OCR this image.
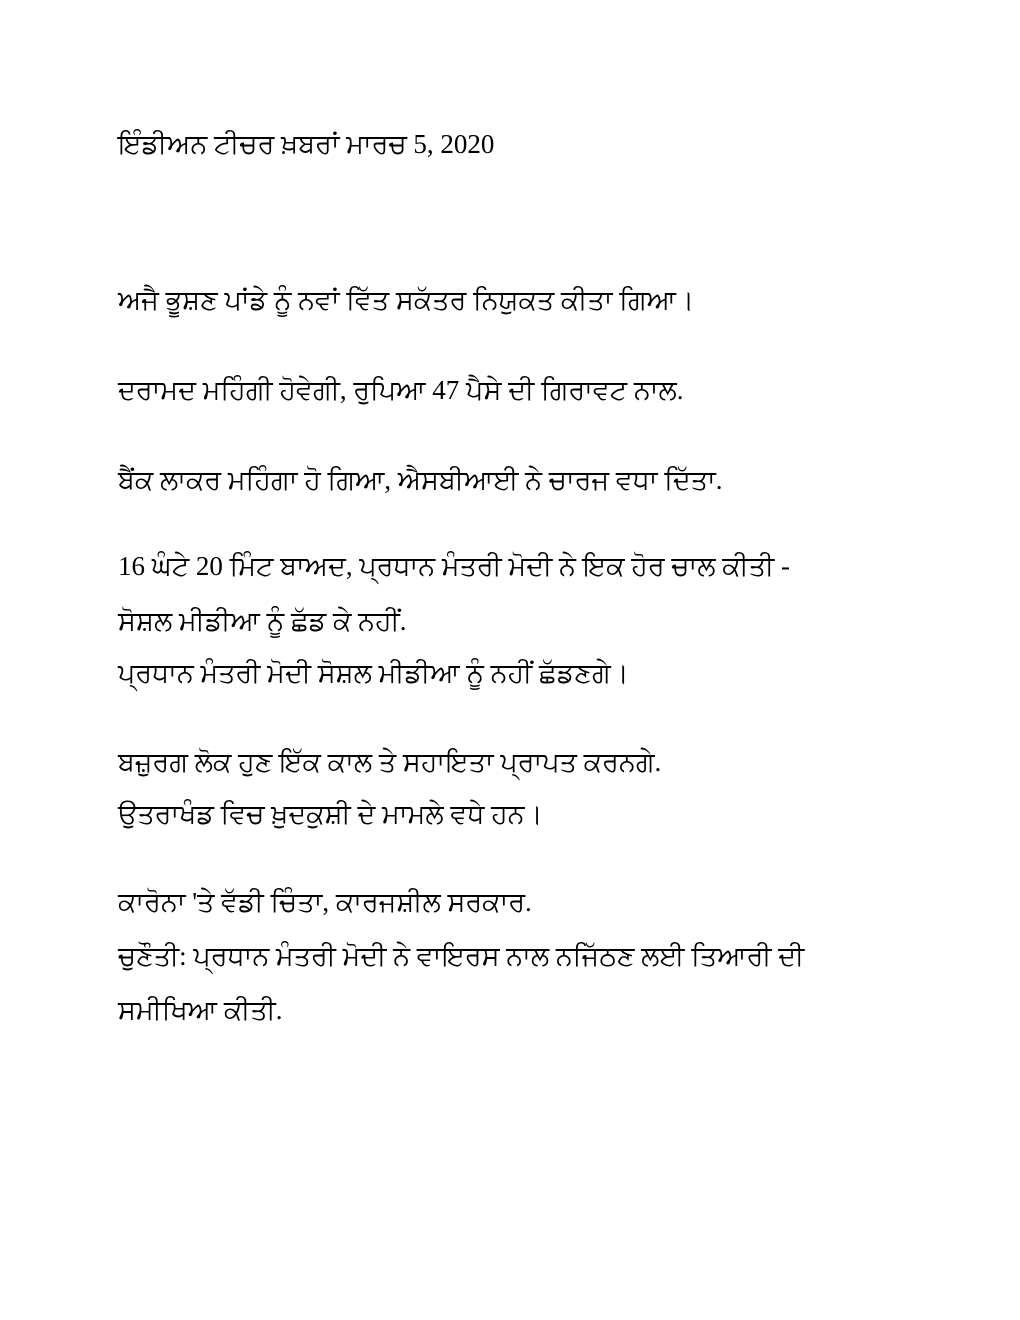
ਇੰਡੀਅਨ ਟੀਚਰ ਖ਼ਬਰਾਂ ਮਾਰਚ 5, 2020
ਅਜੈ ਭੂਸ਼ਣ ਪਾਂਡੇ ਨੂੰ ਨਵਾਂ ਵਿੱਤ ਸਕੱਤਰ ਨਿਯੁਕਤ ਕੀਤਾ ਗਿਆ।
ਦਰਾਮਦ ਮਹਿੰਗੀ ਹੋਵੇਗੀ, ਰੁਪਿਆ 47 ਪੈਸੇ ਦੀ ਗਿਰਾਵਟ ਨਾਲ.
ਬੈਂਕ ਲਾਕਰ ਮਹਿੰਗਾ ਹੋ ਗਿਆ, ਐਸਬੀਆਈ ਨੇ ਚਾਰਜ ਵਧਾ ਦਿੱਤਾ.
16 ਘੰਟੇ 20 ਮਿੰਟ ਬਾਅਦ, ਪ੍ਰਧਾਨ ਮੰਤਰੀ ਮੋਦੀ ਨੇ ਇਕ ਹੋਰ ਚਾਲ ਕੀਤੀ -
ਸੋਸ਼ਲ ਮੀਡੀਆ ਨੂੰ ਛੱਡ ਕੇ ਨਹੀਂ.
ਪ੍ਰਧਾਨ ਮੰਤਰੀ ਮੋਦੀ ਸੋਸ਼ਲ ਮੀਡੀਆ ਨੂੰ ਨਹੀਂ ਛੱਡਣਗੇ।
ਬਜ਼ੁਰਗ ਲੋਕ ਹੁਣ ਇੱਕ ਕਾਲ ਤੇ ਸਹਾਇਤਾ ਪ੍ਰਾਪਤ ਕਰਨਗੇ.
ਉਤਰਾਖੰਡ ਵਿਚ ਖ਼ੁਦਕੁਸ਼ੀ ਦੇ ਮਾਮਲੇ ਵਧੇ ਹਨ।
ਕਾਰੋਨਾ 'ਤੇ ਵੱਡੀ ਚਿੰਤਾ, ਕਾਰਜਸ਼ੀਲ ਸਰਕਾਰ.
ਚੁਣੌਤੀ: ਪ੍ਰਧਾਨ ਮੰਤਰੀ ਮੋਦੀ ਨੇ ਵਾਇਰਸ ਨਾਲ ਨਜਿੱਠਣ ਲਈ ਤਿਆਰੀ ਦੀ
ਸਮੀਖਿਆ ਕੀਤੀ.
